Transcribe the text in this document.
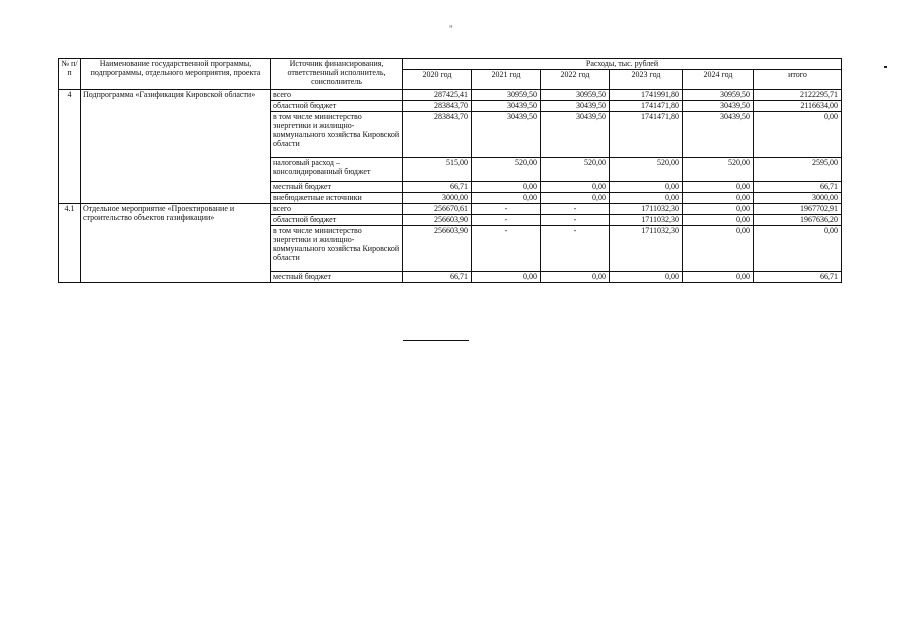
"
№ п/п	Наименование государственной программы, подпрограммы, отдельного мероприятия, проекта	Источник финансирования, ответственный исполнитель, соисполнитель	Расходы, тыс. рублей					
			2020 год	2021 год	2022 год	2023 год	2024 год	итого
4	Подпрограмма «Газификация Кировской области»	всего	287425,41	30959,50	30959,50	1741991,80	30959,50	2122295,71
		областной бюджет	283843,70	30439,50	30439,50	1741471,80	30439,50	2116634,00
		в том числе министерство энергетики и жилищно-коммунального хозяйства Кировской области	283843,70	30439,50	30439,50	1741471,80	30439,50	0,00
		налоговый расход – консолидированный бюджет	515,00	520,00	520,00	520,00	520,00	2595,00
		местный бюджет	66,71	0,00	0,00	0,00	0,00	66,71
		внебюджетные источники	3000,00	0,00	0,00	0,00	0,00	3000,00
4.1	Отдельное мероприятие «Проектирование и строительство объектов газификации»	всего	256670,61	-	-	1711032,30	0,00	1967702,91
		областной бюджет	256603,90	-	-	1711032,30	0,00	1967636,20
		в том числе министерство энергетики и жилищно-коммунального хозяйства Кировской области	256603,90	-	-	1711032,30	0,00	0,00
		местный бюджет	66,71	0,00	0,00	0,00	0,00	66,71
